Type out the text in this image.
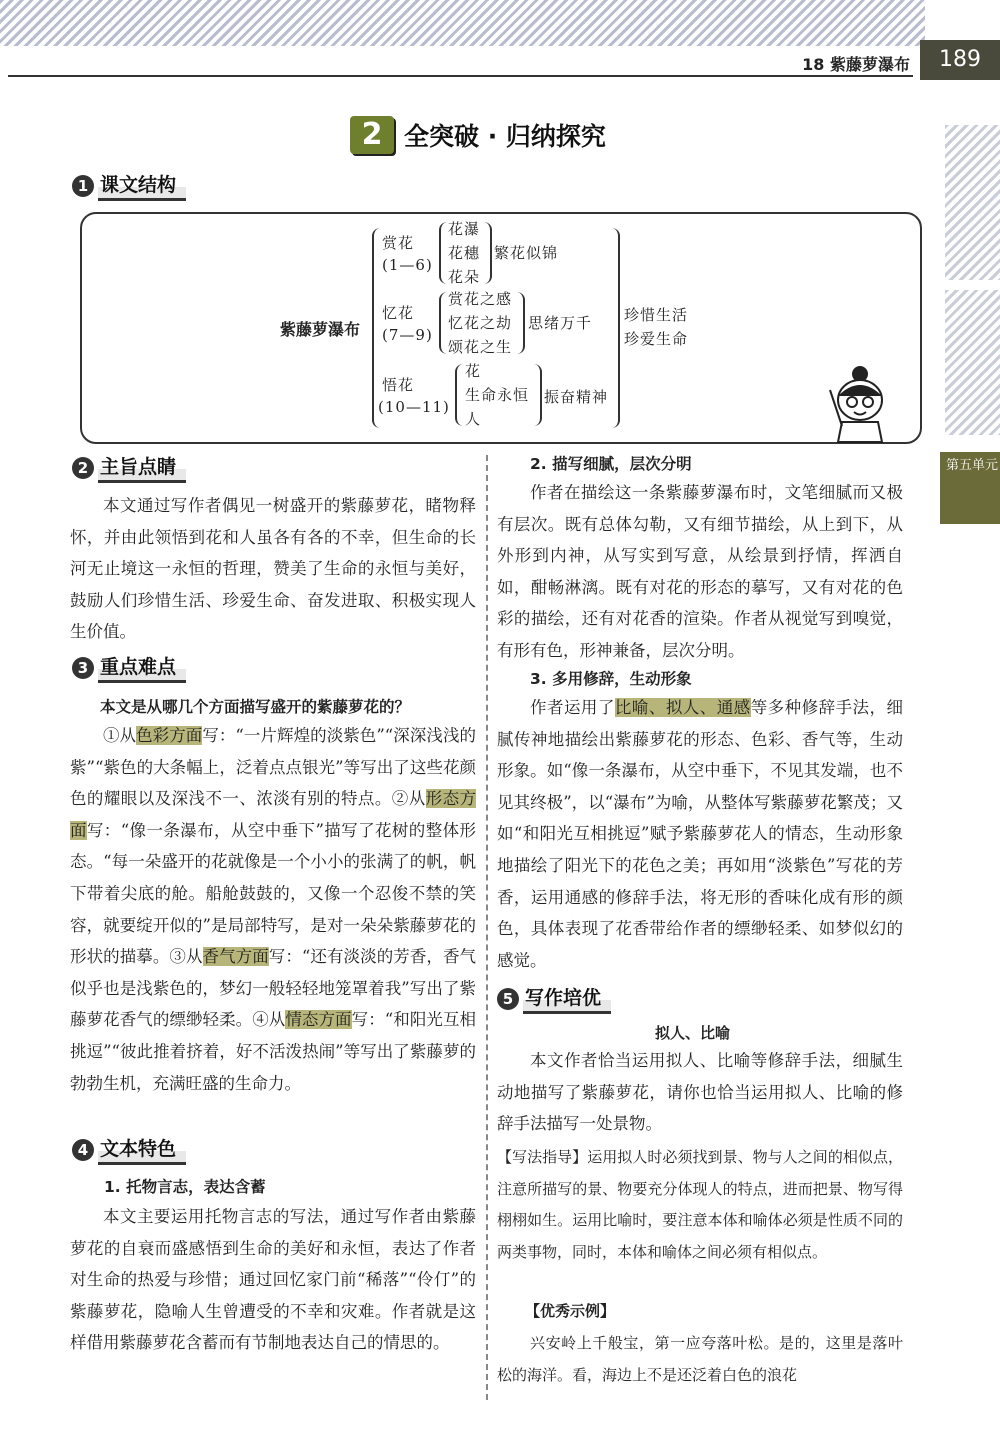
18 紫藤萝瀑布	189
第五单元
2 全突破 · 归纳探究
1 课文结构
紫藤萝瀑布
赏花
(1—6)
花瀑
花穗
花朵
繁花似锦
忆花
(7—9)
赏花之感
忆花之劫
颂花之生
思绪万千
悟花
(10—11)
花
生命永恒
人
振奋精神
珍惜生活
珍爱生命
2 主旨点睛
本文通过写作者偶见一树盛开的紫藤萝花，睹物释怀，并由此领悟到花和人虽各有各的不幸，但生命的长河无止境这一永恒的哲理，赞美了生命的永恒与美好，鼓励人们珍惜生活、珍爱生命、奋发进取、积极实现人生价值。
3 重点难点
本文是从哪几个方面描写盛开的紫藤萝花的？
①从色彩方面写：“一片辉煌的淡紫色”“深深浅浅的紫”“紫色的大条幅上，泛着点点银光”等写出了这些花颜色的耀眼以及深浅不一、浓淡有别的特点。②从形态方面写：“像一条瀑布，从空中垂下”描写了花树的整体形态。“每一朵盛开的花就像是一个小小的张满了的帆，帆下带着尖底的舱。船舱鼓鼓的，又像一个忍俊不禁的笑容，就要绽开似的”是局部特写，是对一朵朵紫藤萝花的形状的描摹。③从香气方面写：“还有淡淡的芳香，香气似乎也是浅紫色的，梦幻一般轻轻地笼罩着我”写出了紫藤萝花香气的缥缈轻柔。④从情态方面写：“和阳光互相挑逗”“彼此推着挤着，好不活泼热闹”等写出了紫藤萝的勃勃生机，充满旺盛的生命力。
4 文本特色
1. 托物言志，表达含蓄
本文主要运用托物言志的写法，通过写作者由紫藤萝花的自衰而盛感悟到生命的美好和永恒，表达了作者对生命的热爱与珍惜；通过回忆家门前“稀落”“伶仃”的紫藤萝花，隐喻人生曾遭受的不幸和灾难。作者就是这样借用紫藤萝花含蓄而有节制地表达自己的情思的。
2. 描写细腻，层次分明
作者在描绘这一条紫藤萝瀑布时，文笔细腻而又极有层次。既有总体勾勒，又有细节描绘，从上到下，从外形到内神，从写实到写意，从绘景到抒情，挥洒自如，酣畅淋漓。既有对花的形态的摹写，又有对花的色彩的描绘，还有对花香的渲染。作者从视觉写到嗅觉，有形有色，形神兼备，层次分明。
3. 多用修辞，生动形象
作者运用了比喻、拟人、通感等多种修辞手法，细腻传神地描绘出紫藤萝花的形态、色彩、香气等，生动形象。如“像一条瀑布，从空中垂下，不见其发端，也不见其终极”，以“瀑布”为喻，从整体写紫藤萝花繁茂；又如“和阳光互相挑逗”赋予紫藤萝花人的情态，生动形象地描绘了阳光下的花色之美；再如用“淡紫色”写花的芳香，运用通感的修辞手法，将无形的香味化成有形的颜色，具体表现了花香带给作者的缥缈轻柔、如梦似幻的感觉。
5 写作培优
拟人、比喻
本文作者恰当运用拟人、比喻等修辞手法，细腻生动地描写了紫藤萝花，请你也恰当运用拟人、比喻的修辞手法描写一处景物。
【写法指导】运用拟人时必须找到景、物与人之间的相似点，注意所描写的景、物要充分体现人的特点，进而把景、物写得栩栩如生。运用比喻时，要注意本体和喻体必须是性质不同的两类事物，同时，本体和喻体之间必须有相似点。
【优秀示例】
兴安岭上千般宝，第一应夸落叶松。是的，这里是落叶松的海洋。看，海边上不是还泛着白色的浪花
